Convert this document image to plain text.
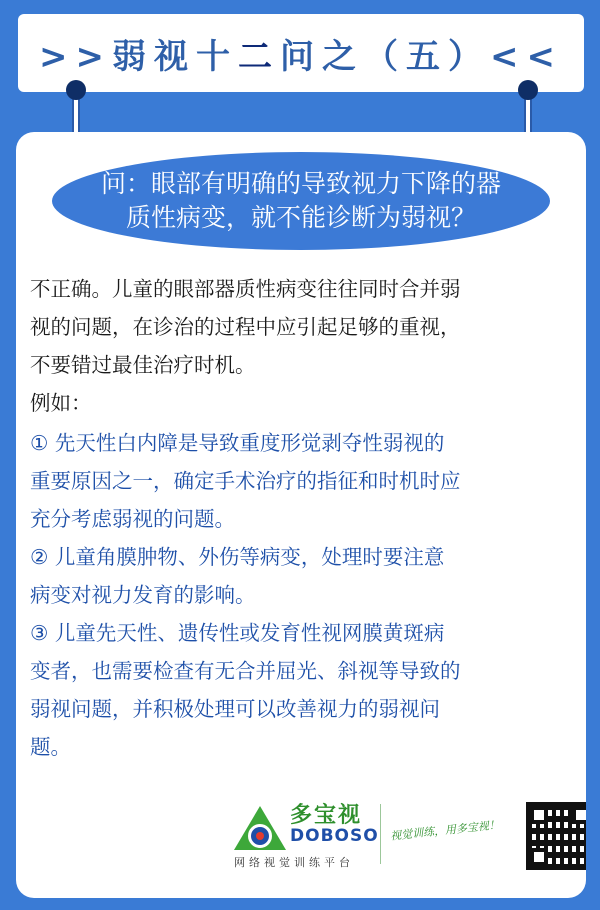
>>弱视十二问之（五）<<
问：眼部有明确的导致视力下降的器
质性病变，就不能诊断为弱视？
不正确。儿童的眼部器质性病变往往同时合并弱
视的问题，在诊治的过程中应引起足够的重视，
不要错过最佳治疗时机。
例如：
① 先天性白内障是导致重度形觉剥夺性弱视的
重要原因之一，确定手术治疗的指征和时机时应
充分考虑弱视的问题。
② 儿童角膜肿物、外伤等病变，处理时要注意
病变对视力发育的影响。
③ 儿童先天性、遗传性或发育性视网膜黄斑病
变者，也需要检查有无合并屈光、斜视等导致的
弱视问题，并积极处理可以改善视力的弱视问
题。
多宝视
DOBOSO
网络视觉训练平台
视觉训练，用多宝视！
